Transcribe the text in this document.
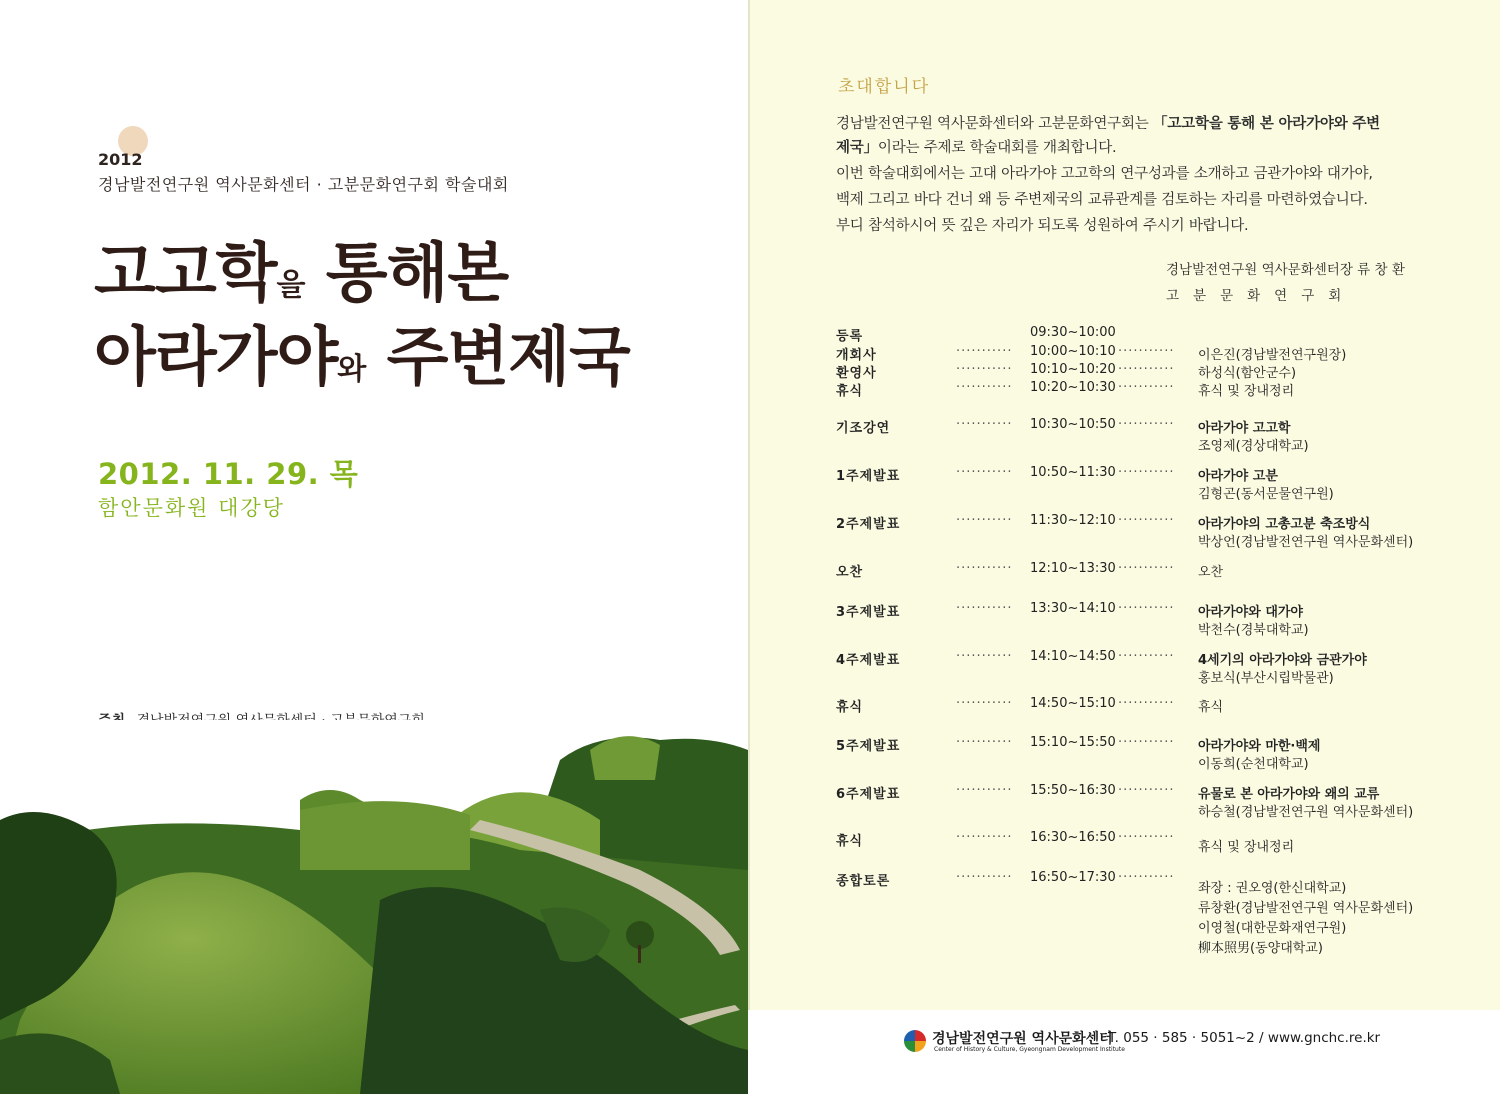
2012
경남발전연구원 역사문화센터 · 고분문화연구회 학술대회
고고학을 통해본
아라가야와 주변제국
2012. 11. 29. 목
함안문화원 대강당
초대합니다
경남발전연구원 역사문화센터와 고분문화연구회는 「고고학을 통해 본 아라가야와 주변
제국」이라는 주제로 학술대회를 개최합니다.
이번 학술대회에서는 고대 아라가야 고고학의 연구성과를 소개하고 금관가야와 대가야,
백제 그리고 바다 건너 왜 등 주변제국의 교류관계를 검토하는 자리를 마련하였습니다.
부디 참석하시어 뜻 깊은 자리가 되도록 성원하여 주시기 바랍니다.
경남발전연구원 역사문화센터장 류 창 환
고분문화연구회
등록	09:30~10:00
개회사	··········· 10:00~10:10 ··········· 이은진(경남발전연구원장)
환영사	··········· 10:10~10:20 ··········· 하성식(함안군수)
휴식	··········· 10:20~10:30 ··········· 휴식 및 장내정리
기조강연	··········· 10:30~10:50 ··········· 아라가야 고고학
조영제(경상대학교)
1주제발표	··········· 10:50~11:30 ··········· 아라가야 고분
김형곤(동서문물연구원)
2주제발표	··········· 11:30~12:10 ··········· 아라가야의 고총고분 축조방식
박상언(경남발전연구원 역사문화센터)
오찬	··········· 12:10~13:30 ··········· 오찬
3주제발표	··········· 13:30~14:10 ··········· 아라가야와 대가야
박천수(경북대학교)
4주제발표	··········· 14:10~14:50 ··········· 4세기의 아라가야와 금관가야
홍보식(부산시립박물관)
휴식	··········· 14:50~15:10 ··········· 휴식
5주제발표	··········· 15:10~15:50 ··········· 아라가야와 마한·백제
이동희(순천대학교)
6주제발표	··········· 15:50~16:30 ··········· 유물로 본 아라가야와 왜의 교류
하승철(경남발전연구원 역사문화센터)
휴식	··········· 16:30~16:50 ···········
휴식 및 장내정리
종합토론	··········· 16:50~17:30 ···········
좌장 : 권오영(한신대학교)
류창환(경남발전연구원 역사문화센터)
이영철(대한문화재연구원)
柳本照男(동양대학교)
경남발전연구원 역사문화센터
Center of History & Culture, Gyeongnam Development Institute
T. 055 · 585 · 5051~2 / www.gnchc.re.kr
